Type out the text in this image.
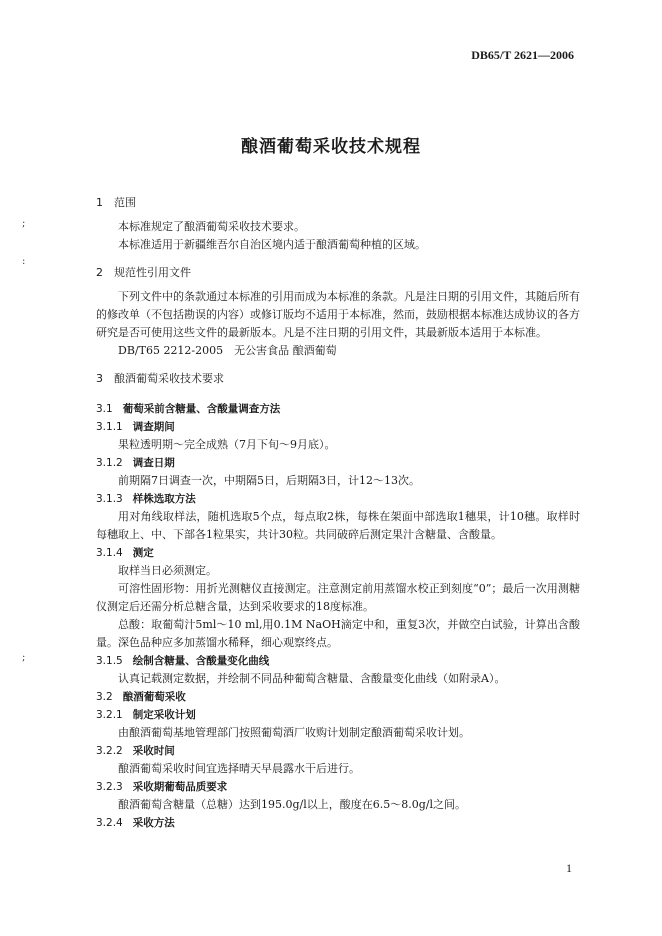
DB65/T 2621—2006
酿酒葡萄采收技术规程
;
:
;
1 范围

本标准规定了酿酒葡萄采收技术要求。

本标准适用于新疆维吾尔自治区境内适于酿酒葡萄种植的区域。

2 规范性引用文件

下列文件中的条款通过本标准的引用而成为本标准的条款。凡是注日期的引用文件，其随后所有的修改单（不包括勘误的内容）或修订版均不适用于本标准，然而，鼓励根据本标准达成协议的各方研究是否可使用这些文件的最新版本。凡是不注日期的引用文件，其最新版本适用于本标准。

DB/T65 2212-2005　无公害食品 酿酒葡萄

3 酿酒葡萄采收技术要求
3.1 葡萄采前含糖量、含酸量调查方法
3.1.1 调查期间

果粒透明期～完全成熟（7月下旬～9月底）。

3.1.2 调查日期

前期隔7日调查一次，中期隔5日，后期隔3日，计12～13次。

3.1.3 样株选取方法

用对角线取样法，随机选取5个点，每点取2株，每株在架面中部选取1穗果，计10穗。取样时每穗取上、中、下部各1粒果实，共计30粒。共同破碎后测定果汁含糖量、含酸量。

3.1.4 测定

取样当日必须测定。

可溶性固形物：用折光测糖仪直接测定。注意测定前用蒸馏水校正到刻度“0”；最后一次用测糖仪测定后还需分析总糖含量，达到采收要求的18度标准。

总酸：取葡萄汁5ml～10 ml,用0.1M NaOH滴定中和，重复3次，并做空白试验，计算出含酸量。深色品种应多加蒸馏水稀释，细心观察终点。

3.1.5 绘制含糖量、含酸量变化曲线

认真记载测定数据，并绘制不同品种葡萄含糖量、含酸量变化曲线（如附录A）。

3.2 酿酒葡萄采收
3.2.1 制定采收计划

由酿酒葡萄基地管理部门按照葡萄酒厂收购计划制定酿酒葡萄采收计划。

3.2.2 采收时间

酿酒葡萄采收时间宜选择晴天早晨露水干后进行。

3.2.3 采收期葡萄品质要求

酿酒葡萄含糖量（总糖）达到195.0g/l以上，酸度在6.5～8.0g/l之间。

3.2.4 采收方法
1
